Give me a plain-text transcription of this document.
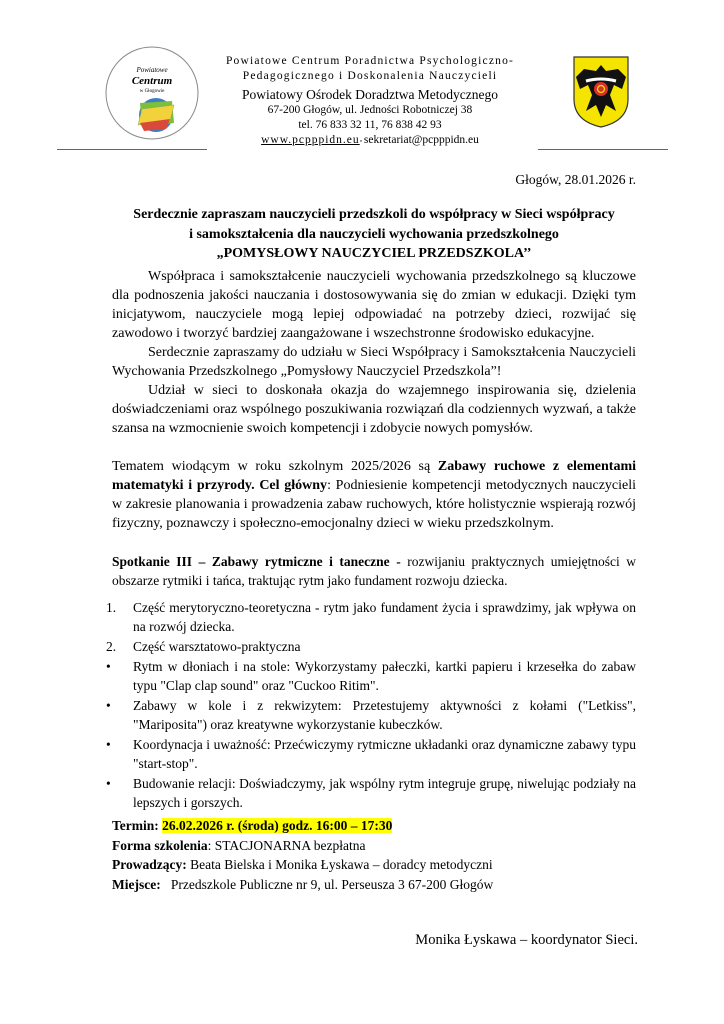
Powiatowe
Centrum
w Głogowie
Powiatowe Centrum Poradnictwa Psychologiczno-
Pedagogicznego i Doskonalenia Nauczycieli
Powiatowy Ośrodek Doradztwa Metodycznego
67-200 Głogów, ul. Jedności Robotniczej 38
tel. 76 833 32 11, 76 838 42 93
www.pcpppidn.eu▫ sekretariat@pcpppidn.eu
Głogów, 28.01.2026 r.
Serdecznie zapraszam nauczycieli przedszkoli do współpracy w Sieci współpracy
i samokształcenia dla nauczycieli wychowania przedszkolnego
„POMYSŁOWY NAUCZYCIEL PRZEDSZKOLA’’

Współpraca i samokształcenie nauczycieli wychowania przedszkolnego są kluczowe dla podnoszenia jakości nauczania i dostosowywania się do zmian w edukacji. Dzięki tym inicjatywom, nauczyciele mogą lepiej odpowiadać na potrzeby dzieci, rozwijać się zawodowo i tworzyć bardziej zaangażowane i wszechstronne środowisko edukacyjne.

Serdecznie zapraszamy do udziału w Sieci Współpracy i Samokształcenia Nauczycieli Wychowania Przedszkolnego „Pomysłowy Nauczyciel Przedszkola”!

Udział w sieci to doskonała okazja do wzajemnego inspirowania się, dzielenia doświadczeniami oraz wspólnego poszukiwania rozwiązań dla codziennych wyzwań, a także szansa na wzmocnienie swoich kompetencji i zdobycie nowych pomysłów.

Tematem wiodącym w roku szkolnym 2025/2026 są Zabawy ruchowe z elementami matematyki i przyrody. Cel główny: Podniesienie kompetencji metodycznych nauczycieli w zakresie planowania i prowadzenia zabaw ruchowych, które holistycznie wspierają rozwój fizyczny, poznawczy i społeczno-emocjonalny dzieci w wieku przedszkolnym.

Spotkanie III – Zabawy rytmiczne i taneczne - rozwijaniu praktycznych umiejętności w obszarze rytmiki i tańca, traktując rytm jako fundament rozwoju dziecka.

1.	Część merytoryczno-teoretyczna - rytm jako fundament życia i sprawdzimy, jak wpływa on na rozwój dziecka.
2.	Część warsztatowo-praktyczna
•	Rytm w dłoniach i na stole: Wykorzystamy pałeczki, kartki papieru i krzesełka do zabaw typu "Clap clap sound" oraz "Cuckoo Ritim".
•	Zabawy w kole i z rekwizytem: Przetestujemy aktywności z kołami ("Letkiss", "Mariposita") oraz kreatywne wykorzystanie kubeczków.
•	Koordynacja i uważność: Przećwiczymy rytmiczne układanki oraz dynamiczne zabawy typu "start-stop".
•	Budowanie relacji: Doświadczymy, jak wspólny rytm integruje grupę, niwelując podziały na lepszych i gorszych.
Termin: 26.02.2026 r. (środa) godz. 16:00 – 17:30
Forma szkolenia: STACJONARNA bezpłatna
Prowadzący: Beata Bielska i Monika Łyskawa – doradcy metodyczni
Miejsce:   Przedszkole Publiczne nr 9, ul. Perseusza 3 67-200 Głogów
Monika Łyskawa – koordynator Sieci.
